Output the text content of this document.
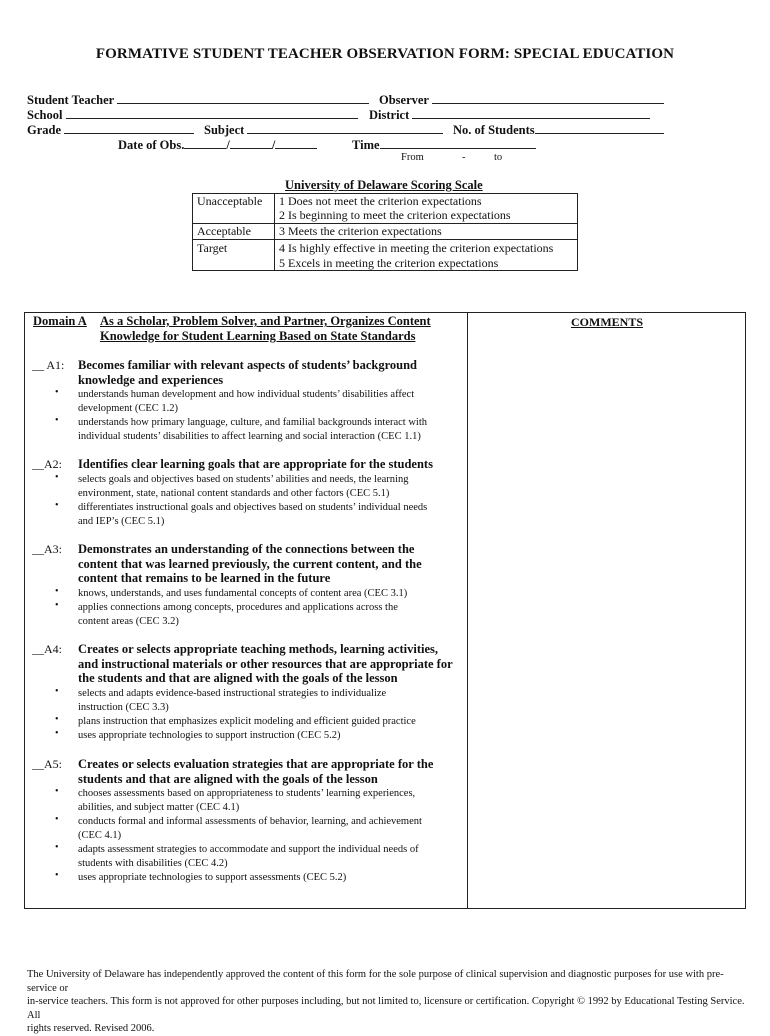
FORMATIVE STUDENT TEACHER OBSERVATION FORM: SPECIAL EDUCATION
Student Teacher	Observer
School	District
Grade	Subject	No. of Students
Date of Obs.	/	/	Time
From	-	to
University of Delaware Scoring Scale
Unacceptable 1 Does not meet the criterion expectations
2 Is beginning to meet the criterion expectations
Acceptable 3 Meets the criterion expectations
Target	4 Is highly effective in meeting the criterion expectations
5 Excels in meeting the criterion expectations
COMMENTS
Domain A As a Scholar, Problem Solver, and Partner, Organizes Content
Knowledge for Student Learning Based on State Standards
__ A1: Becomes familiar with relevant aspects of students’ background
knowledge and experiences
• understands human development and how individual students’ disabilities affect
development (CEC 1.2)
• understands how primary language, culture, and familial backgrounds interact with
individual students’ disabilities to affect learning and social interaction (CEC 1.1)
__A2: Identifies clear learning goals that are appropriate for the students
• selects goals and objectives based on students’ abilities and needs, the learning
environment, state, national content standards and other factors (CEC 5.1)
• differentiates instructional goals and objectives based on students’ individual needs
and IEP’s (CEC 5.1)
__A3: Demonstrates an understanding of the connections between the
content that was learned previously, the current content, and the
content that remains to be learned in the future
• knows, understands, and uses fundamental concepts of content area (CEC 3.1)
• applies connections among concepts, procedures and applications across the
content areas (CEC 3.2)
__A4: Creates or selects appropriate teaching methods, learning activities,
and instructional materials or other resources that are appropriate for
the students and that are aligned with the goals of the lesson
• selects and adapts evidence-based instructional strategies to individualize
instruction (CEC 3.3)
• plans instruction that emphasizes explicit modeling and efficient guided practice
• uses appropriate technologies to support instruction (CEC 5.2)
__A5: Creates or selects evaluation strategies that are appropriate for the
students and that are aligned with the goals of the lesson
• chooses assessments based on appropriateness to students’ learning experiences,
abilities, and subject matter (CEC 4.1)
• conducts formal and informal assessments of behavior, learning, and achievement
(CEC 4.1)
• adapts assessment strategies to accommodate and support the individual needs of
students with disabilities (CEC 4.2)
• uses appropriate technologies to support assessments (CEC 5.2)
The University of Delaware has independently approved the content of this form for the sole purpose of clinical supervision and diagnostic purposes for use with pre-service or
in-service teachers. This form is not approved for other purposes including, but not limited to, licensure or certification. Copyright © 1992 by Educational Testing Service. All
rights reserved. Revised 2006.
